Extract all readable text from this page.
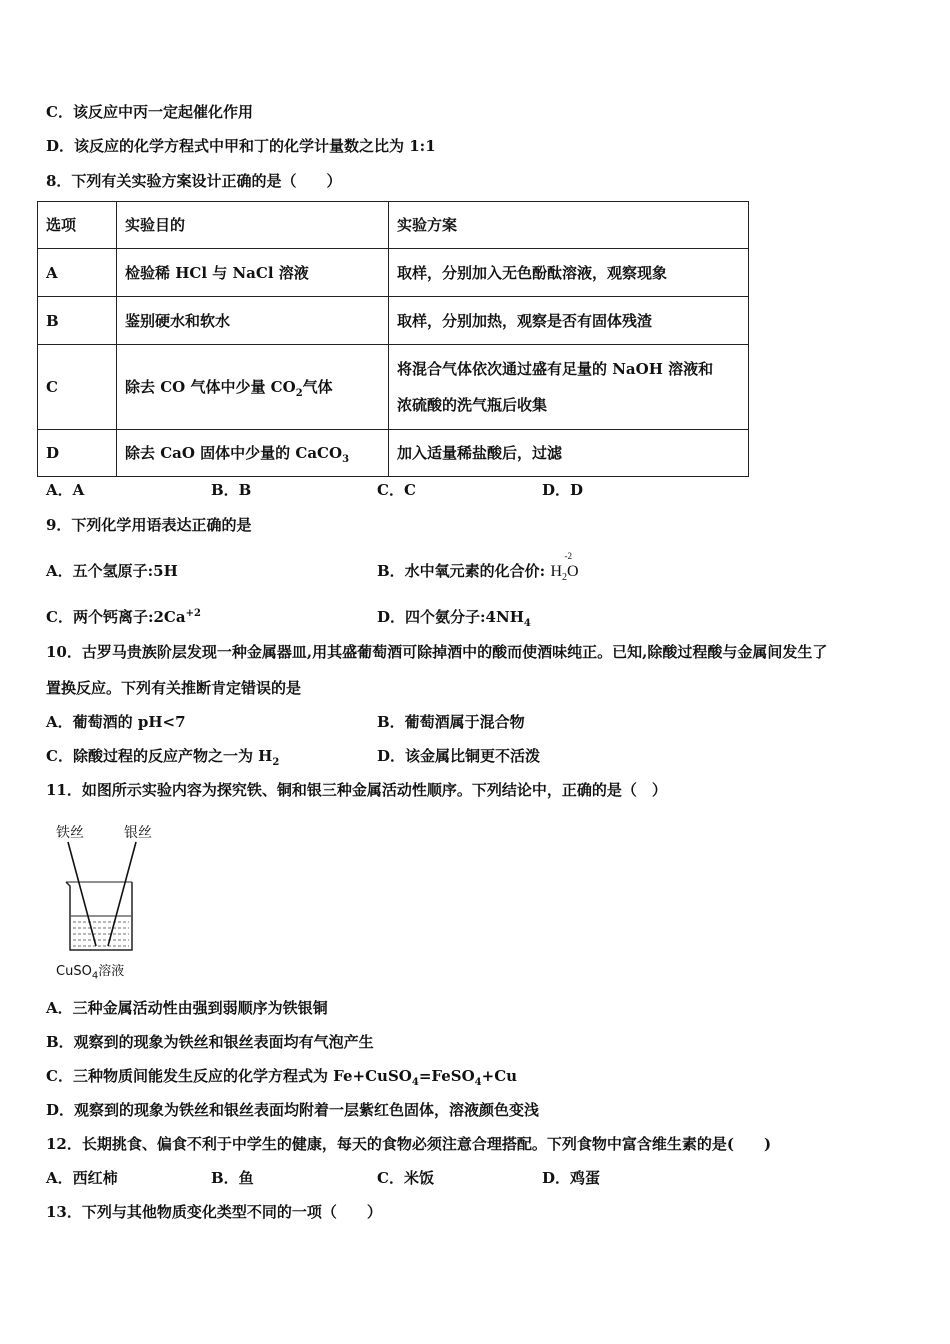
C．该反应中丙一定起催化作用
D．该反应的化学方程式中甲和丁的化学计量数之比为 1:1
8．下列有关实验方案设计正确的是（　　）
选项	实验目的	实验方案
A	检验稀 HCl 与 NaCl 溶液	取样，分别加入无色酚酞溶液，观察现象
B	鉴别硬水和软水	取样，分别加热，观察是否有固体残渣
C	除去 CO 气体中少量 $CO_2$气体	将混合气体依次通过盛有足量的 NaOH 溶液和
浓硫酸的洗气瓶后收集

D	除去 CaO 固体中少量的 CaCO$_3$	加入适量稀盐酸后，过滤
A．A	B．B	C．C	D．D
9．下列化学用语表达正确的是
A．五个氢原子:5H	B．水中氧元素的化合价:
-2
$H_2O$
C．两个钙离子$:2Ca^{+2}$	D．四个氨分子$:4NH_4$
10．古罗马贵族阶层发现一种金属器皿,用其盛葡萄酒可除掉酒中的酸而使酒味纯正。已知,除酸过程酸与金属间发生了
置换反应。下列有关推断肯定错误的是
A．葡萄酒的 pH<7	B．葡萄酒属于混合物
C．除酸过程的反应产物之一为 $H_2$	D．该金属比铜更不活泼
11．如图所示实验内容为探究铁、铜和银三种金属活动性顺序。下列结论中，正确的是（　）
铁丝	银丝
CuSO$_4$溶液
A．三种金属活动性由强到弱顺序为铁银铜
B．观察到的现象为铁丝和银丝表面均有气泡产生
C．三种物质间能发生反应的化学方程式为 Fe+CuSO$_4$=FeSO$_4$+Cu
D．观察到的现象为铁丝和银丝表面均附着一层紫红色固体，溶液颜色变浅
12．长期挑食、偏食不利于中学生的健康，每天的食物必须注意合理搭配。下列食物中富含维生素的是(　　)
A．西红柿	B．鱼	C．米饭	D．鸡蛋
13．下列与其他物质变化类型不同的一项（　　）
